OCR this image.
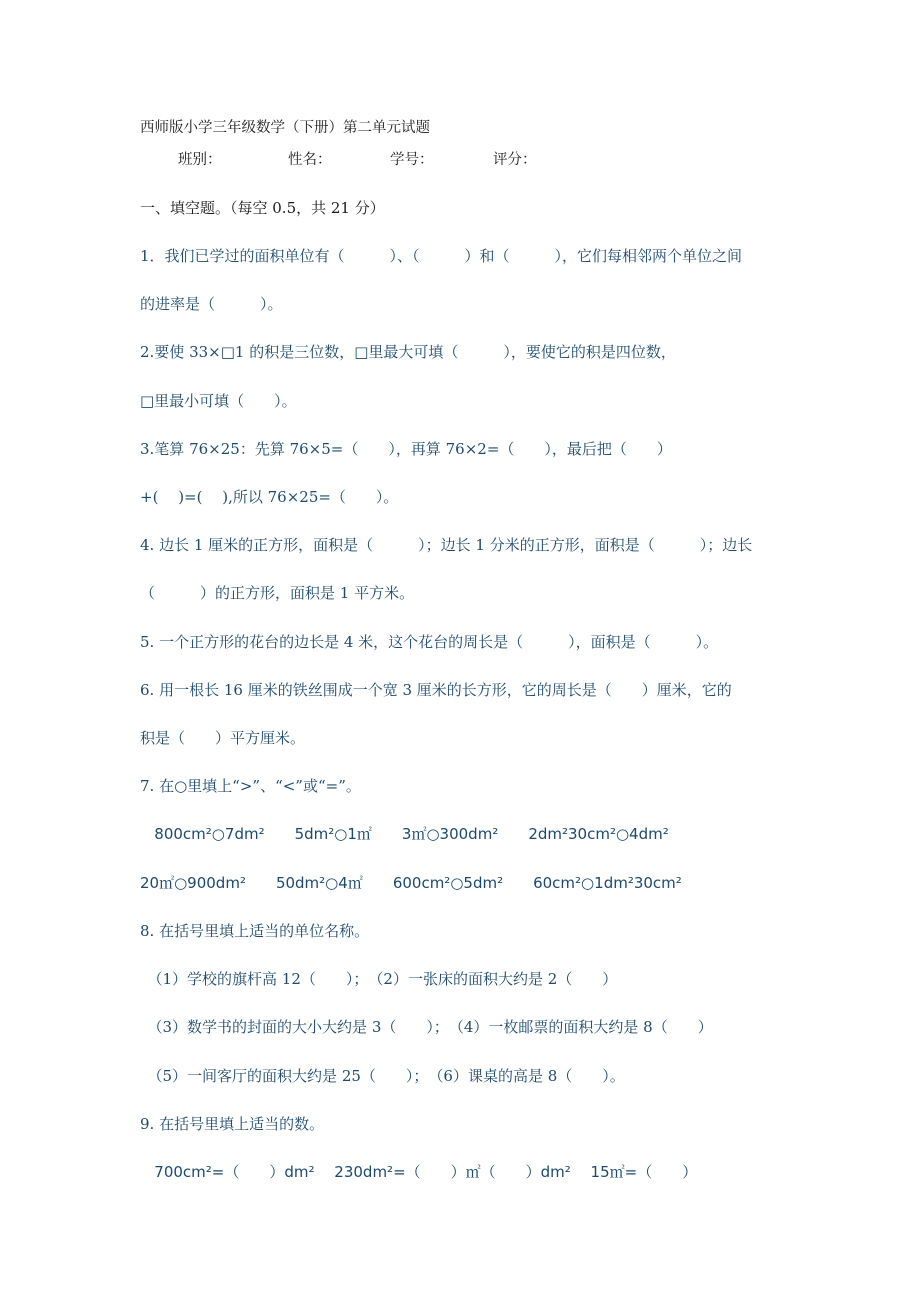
西师版小学三年级数学（下册）第二单元试题
班别：	性名：	学号：	评分：
一、填空题。（每空 0.5，共 21 分）
1．我们已学过的面积单位有（　　　）、（　　　）和（　　　），它们每相邻两个单位之间
的进率是（　　　）。
2.要使 33×□1 的积是三位数，□里最大可填（　　　），要使它的积是四位数，
□里最小可填（　　）。
3.笔算 76×25：先算 76×5=（　　），再算 76×2=（　　），最后把（　　）
+(　 )=(　 ),所以 76×25=（　　）。
4. 边长 1 厘米的正方形，面积是（　　　）；边长 1 分米的正方形，面积是（　　　）；边长
（　　　）的正方形，面积是 1 平方米。
5. 一个正方形的花台的边长是 4 米，这个花台的周长是（　　　），面积是（　　　）。
6. 用一根长 16 厘米的铁丝围成一个宽 3 厘米的长方形，它的周长是（　　）厘米，它的
积是（　　）平方厘米。
7. 在○里填上“>”、“<”或“=”。
800cm²○7dm²　　5dm²○1㎡　　3㎡○300dm²　　2dm²30cm²○4dm²
20㎡○900dm²　　50dm²○4㎡　　600cm²○5dm²　　60cm²○1dm²30cm²
8. 在括号里填上适当的单位名称。
　（1）学校的旗杆高 12（　　）；　（2）一张床的面积大约是 2（　　）
　（3）数学书的封面的大小大约是 3（　　）；　（4）一枚邮票的面积大约是 8（　　）
　（5）一间客厅的面积大约是 25（　　）；　（6）课桌的高是 8（　　）。
9. 在括号里填上适当的数。
700cm²=（　　）dm²　 230dm²=（　　）㎡（　　）dm²　 15㎡=（　　）
